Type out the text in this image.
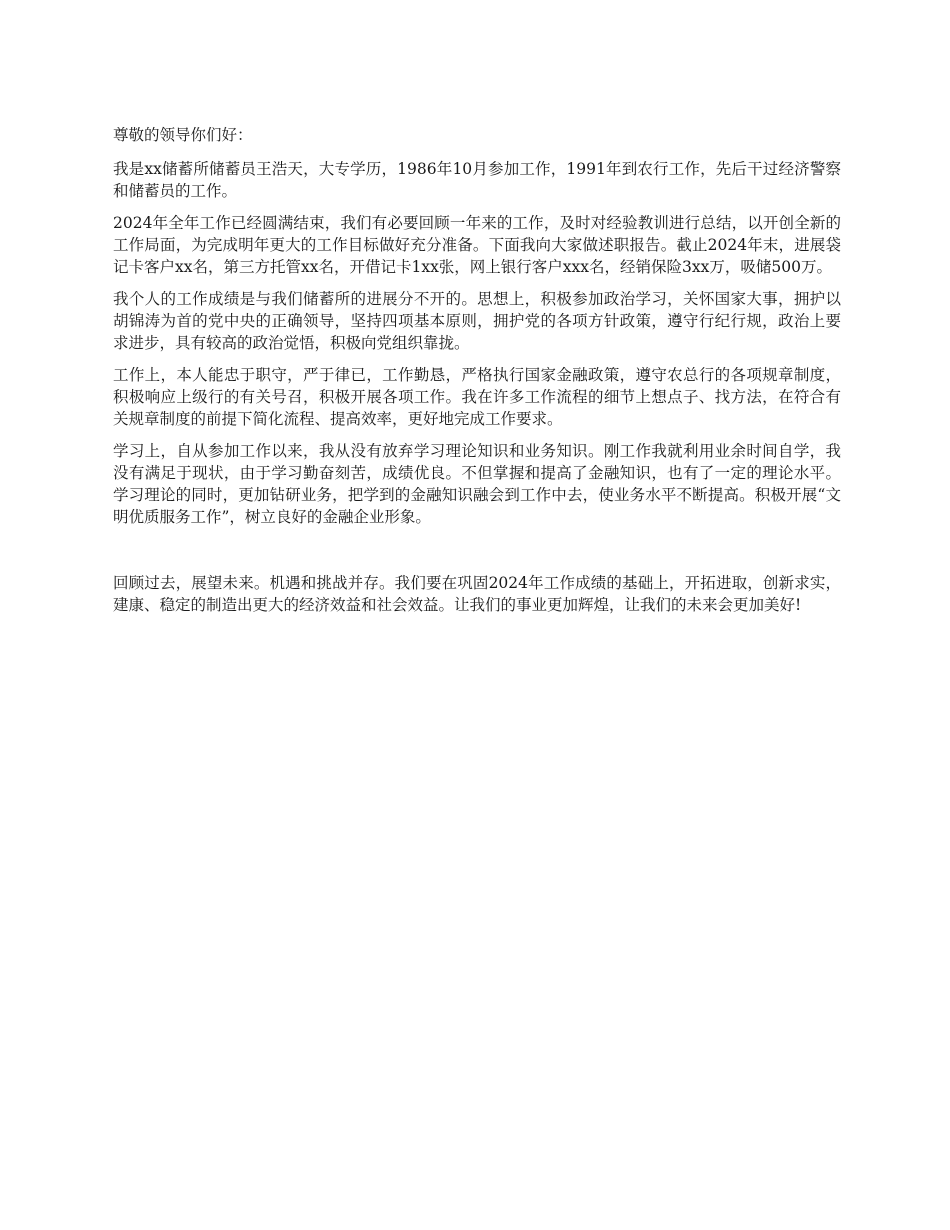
尊敬的领导你们好：

我是xx储蓄所储蓄员王浩天，大专学历，1986年10月参加工作，1991年到农行工作，先后干过经济警察和储蓄员的工作。

2024年全年工作已经圆满结束，我们有必要回顾一年来的工作，及时对经验教训进行总结，以开创全新的工作局面，为完成明年更大的工作目标做好充分准备。下面我向大家做述职报告。截止2024年末，进展袋记卡客户xx名，第三方托管xx名，开借记卡1xx张，网上银行客户xxx名，经销保险3xx万，吸储500万。

我个人的工作成绩是与我们储蓄所的进展分不开的。思想上，积极参加政治学习，关怀国家大事，拥护以胡锦涛为首的党中央的正确领导，坚持四项基本原则，拥护党的各项方针政策，遵守行纪行规，政治上要求进步，具有较高的政治觉悟，积极向党组织靠拢。

工作上，本人能忠于职守，严于律已，工作勤恳，严格执行国家金融政策，遵守农总行的各项规章制度，积极响应上级行的有关号召，积极开展各项工作。我在许多工作流程的细节上想点子、找方法，在符合有关规章制度的前提下简化流程、提高效率，更好地完成工作要求。

学习上，自从参加工作以来，我从没有放弃学习理论知识和业务知识。刚工作我就利用业余时间自学，我没有满足于现状，由于学习勤奋刻苦，成绩优良。不但掌握和提高了金融知识，也有了一定的理论水平。学习理论的同时，更加钻研业务，把学到的金融知识融会到工作中去，使业务水平不断提高。积极开展“文明优质服务工作”，树立良好的金融企业形象。

回顾过去，展望未来。机遇和挑战并存。我们要在巩固2024年工作成绩的基础上，开拓进取，创新求实，建康、稳定的制造出更大的经济效益和社会效益。让我们的事业更加辉煌，让我们的未来会更加美好!
